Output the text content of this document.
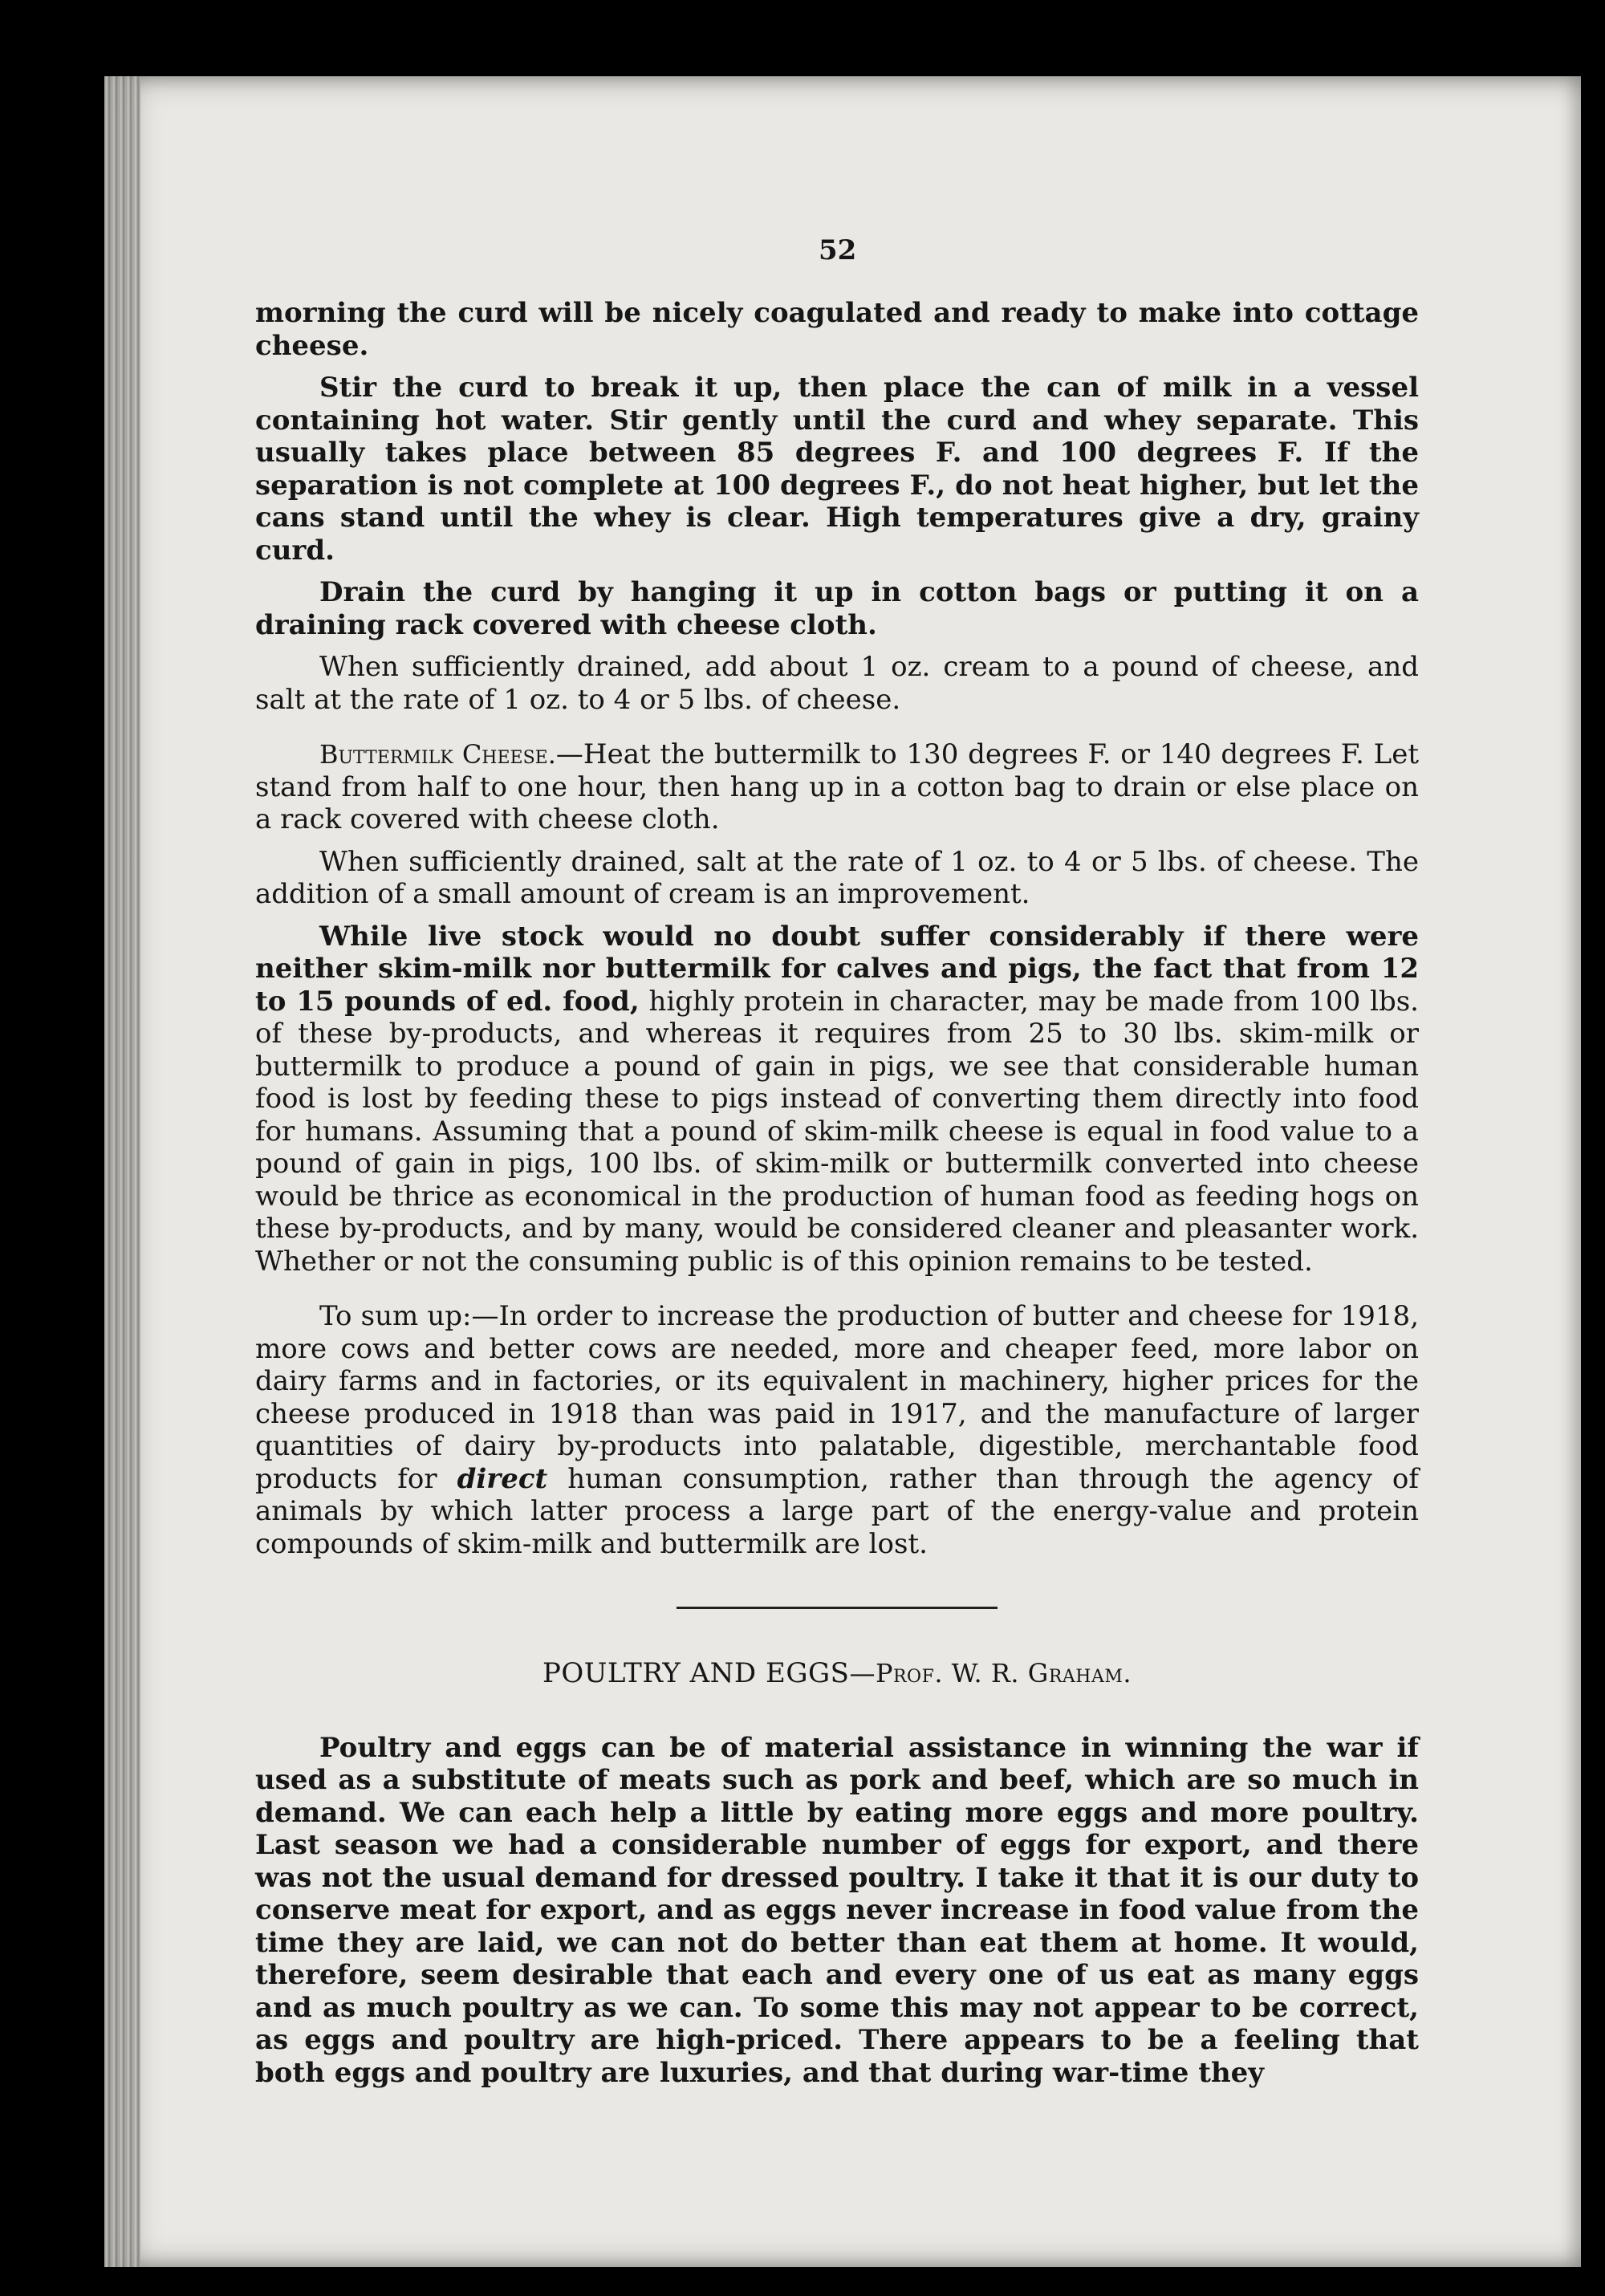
52

morning the curd will be nicely coagulated and ready to make into cottage cheese.

Stir the curd to break it up, then place the can of milk in a vessel containing hot water. Stir gently until the curd and whey separate. This usually takes place between 85 degrees F. and 100 degrees F. If the separation is not complete at 100 degrees F., do not heat higher, but let the cans stand until the whey is clear. High temperatures give a dry, grainy curd.

Drain the curd by hanging it up in cotton bags or putting it on a draining rack covered with cheese cloth.

When sufficiently drained, add about 1 oz. cream to a pound of cheese, and salt at the rate of 1 oz. to 4 or 5 lbs. of cheese.

Buttermilk Cheese.—Heat the buttermilk to 130 degrees F. or 140 degrees F. Let stand from half to one hour, then hang up in a cotton bag to drain or else place on a rack covered with cheese cloth.

When sufficiently drained, salt at the rate of 1 oz. to 4 or 5 lbs. of cheese. The addition of a small amount of cream is an improvement.

While live stock would no doubt suffer considerably if there were neither skim-milk nor buttermilk for calves and pigs, the fact that from 12 to 15 pounds of ed. food, highly protein in character, may be made from 100 lbs. of these by-products, and whereas it requires from 25 to 30 lbs. skim-milk or buttermilk to produce a pound of gain in pigs, we see that considerable human food is lost by feeding these to pigs instead of converting them directly into food for humans. Assuming that a pound of skim-milk cheese is equal in food value to a pound of gain in pigs, 100 lbs. of skim-milk or buttermilk converted into cheese would be thrice as economical in the production of human food as feeding hogs on these by-products, and by many, would be considered cleaner and pleasanter work. Whether or not the consuming public is of this opinion remains to be tested.

To sum up:—In order to increase the production of butter and cheese for 1918, more cows and better cows are needed, more and cheaper feed, more labor on dairy farms and in factories, or its equivalent in machinery, higher prices for the cheese produced in 1918 than was paid in 1917, and the manufacture of larger quantities of dairy by-products into palatable, digestible, merchantable food products for direct human consumption, rather than through the agency of animals by which latter process a large part of the energy-value and protein compounds of skim-milk and buttermilk are lost.

POULTRY AND EGGS—Prof. W. R. Graham.

Poultry and eggs can be of material assistance in winning the war if used as a substitute of meats such as pork and beef, which are so much in demand. We can each help a little by eating more eggs and more poultry. Last season we had a considerable number of eggs for export, and there was not the usual demand for dressed poultry. I take it that it is our duty to conserve meat for export, and as eggs never increase in food value from the time they are laid, we can not do better than eat them at home. It would, therefore, seem desirable that each and every one of us eat as many eggs and as much poultry as we can. To some this may not appear to be correct, as eggs and poultry are high-priced. There appears to be a feeling that both eggs and poultry are luxuries, and that during war-time they
